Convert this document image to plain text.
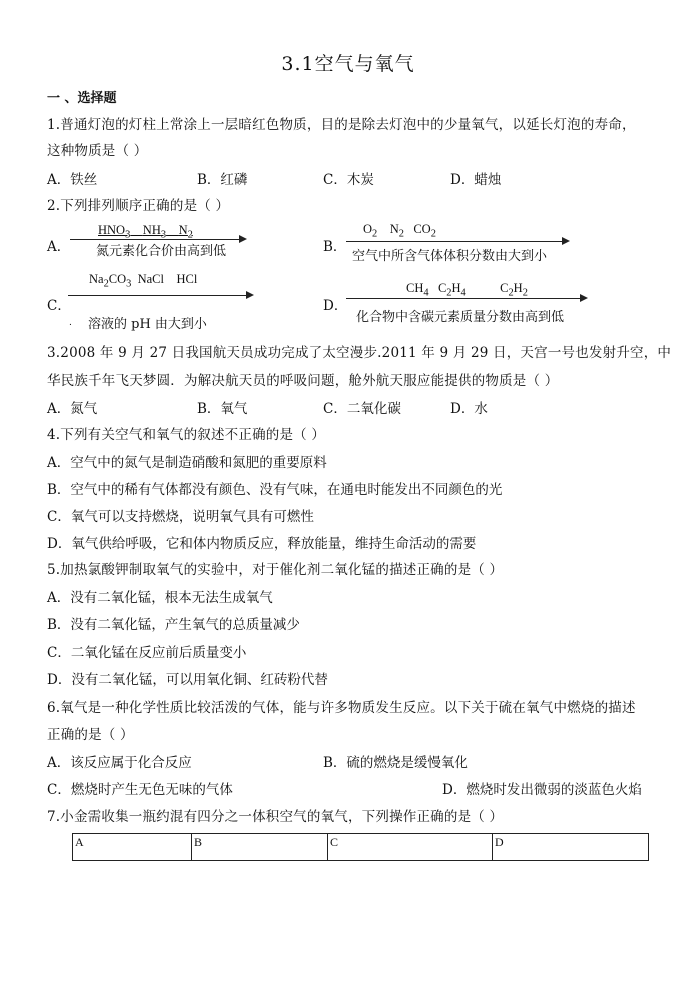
3.1空气与氧气
一 、选择题
1.普通灯泡的灯柱上常涂上一层暗红色物质，目的是除去灯泡中的少量氧气，以延长灯泡的寿命，
这种物质是（ ）
A．铁丝	B．红磷	C．木炭	D．蜡烛
2.下列排列顺序正确的是（ ）
A．
$HNO_3$ $NH_3$ $N_2$
氮元素化合价由高到低	B．
$O_2$ $N_2$ $CO_2$
空气中所含气体体积分数由大到小
C．
$Na_2CO_3$ NaCl HCl
. 溶液的 pH 由大到小
D．
$CH_4$ $C_2H_4$	$C_2H_2$
化合物中含碳元素质量分数由高到低
3.2008 年 9 月 27 日我国航天员成功完成了太空漫步.2011 年 9 月 29 日，天宫一号也发射升空，中
华民族千年飞天梦圆．为解决航天员的呼吸问题，舱外航天服应能提供的物质是（ ）
A．氮气	B．氧气	C．二氧化碳	D．水
4.下列有关空气和氧气的叙述不正确的是（ ）
A．空气中的氮气是制造硝酸和氮肥的重要原料
B．空气中的稀有气体都没有颜色、没有气味，在通电时能发出不同颜色的光
C．氧气可以支持燃烧，说明氧气具有可燃性
D．氧气供给呼吸，它和体内物质反应，释放能量，维持生命活动的需要
5.加热氯酸钾制取氧气的实验中，对于催化剂二氧化锰的描述正确的是（ ）
A．没有二氧化锰，根本无法生成氧气
B．没有二氧化锰，产生氧气的总质量减少
C．二氧化锰在反应前后质量变小
D．没有二氧化锰，可以用氧化铜、红砖粉代替
6.氧气是一种化学性质比较活泼的气体，能与许多物质发生反应。以下关于硫在氧气中燃烧的描述
正确的是（ ）
A．该反应属于化合反应	B．硫的燃烧是缓慢氧化
C．燃烧时产生无色无味的气体	D．燃烧时发出微弱的淡蓝色火焰
7.小金需收集一瓶约混有四分之一体积空气的氧气，下列操作正确的是（ ）
A	B	C	D
